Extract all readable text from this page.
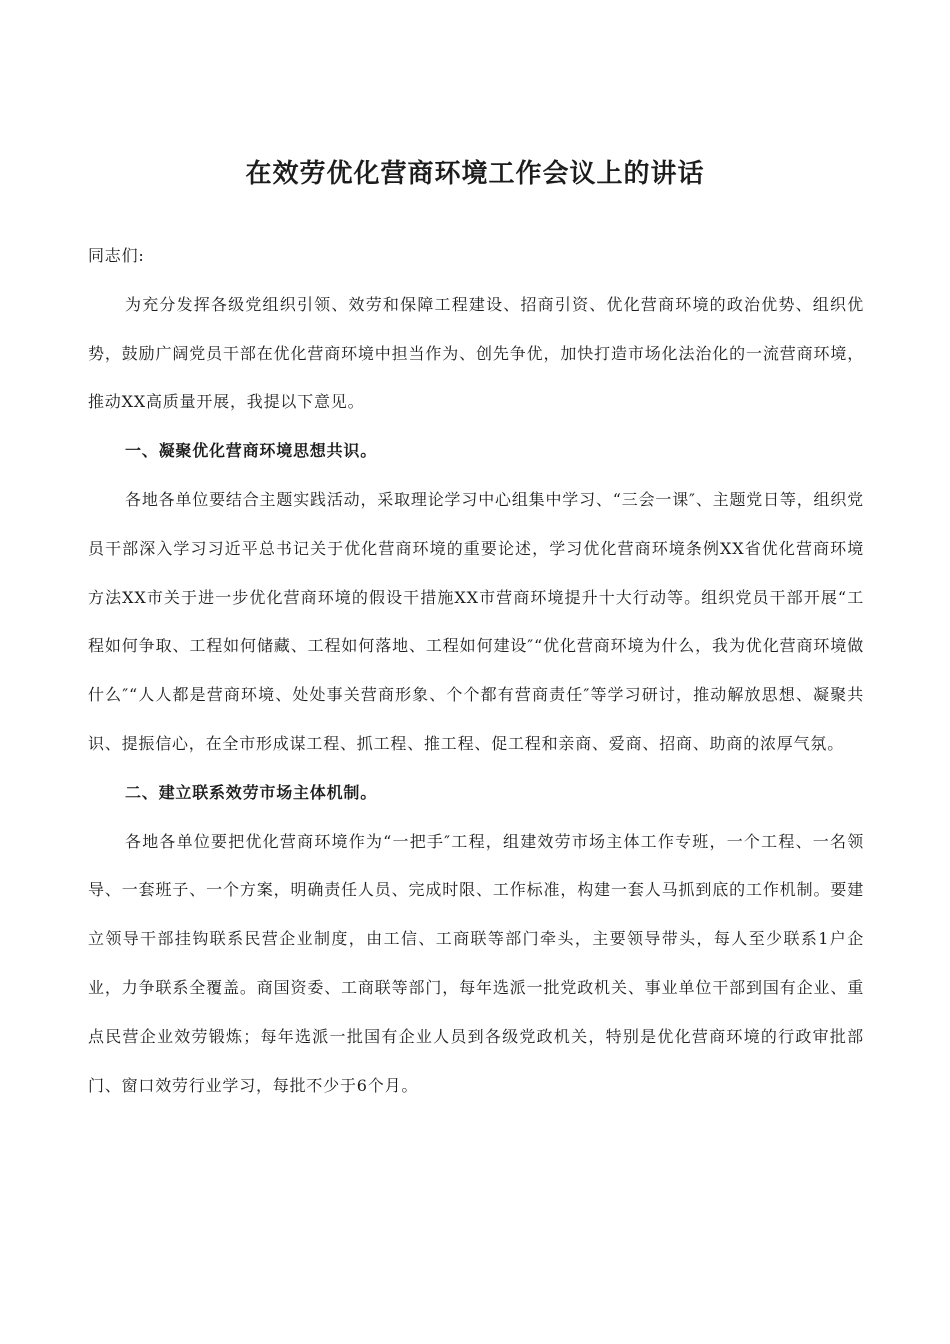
在效劳优化营商环境工作会议上的讲话

同志们:

为充分发挥各级党组织引领、效劳和保障工程建设、招商引资、优化营商环境的政治优势、组织优势，鼓励广阔党员干部在优化营商环境中担当作为、创先争优，加快打造市场化法治化的一流营商环境，推动XX高质量开展，我提以下意见。

一、凝聚优化营商环境思想共识。

各地各单位要结合主题实践活动，采取理论学习中心组集中学习、“三会一课″、主题党日等，组织党员干部深入学习习近平总书记关于优化营商环境的重要论述，学习优化营商环境条例XX省优化营商环境方法XX市关于进一步优化营商环境的假设干措施XX市营商环境提升十大行动等。组织党员干部开展“工程如何争取、工程如何储藏、工程如何落地、工程如何建设″“优化营商环境为什么，我为优化营商环境做什么″“人人都是营商环境、处处事关营商形象、个个都有营商责任″等学习研讨，推动解放思想、凝聚共识、提振信心，在全市形成谋工程、抓工程、推工程、促工程和亲商、爱商、招商、助商的浓厚气氛。

二、建立联系效劳市场主体机制。

各地各单位要把优化营商环境作为“一把手″工程，组建效劳市场主体工作专班，一个工程、一名领导、一套班子、一个方案，明确责任人员、完成时限、工作标准，构建一套人马抓到底的工作机制。要建立领导干部挂钩联系民营企业制度，由工信、工商联等部门牵头，主要领导带头，每人至少联系1户企业，力争联系全覆盖。商国资委、工商联等部门，每年选派一批党政机关、事业单位干部到国有企业、重点民营企业效劳锻炼；每年选派一批国有企业人员到各级党政机关，特别是优化营商环境的行政审批部门、窗口效劳行业学习，每批不少于6个月。
